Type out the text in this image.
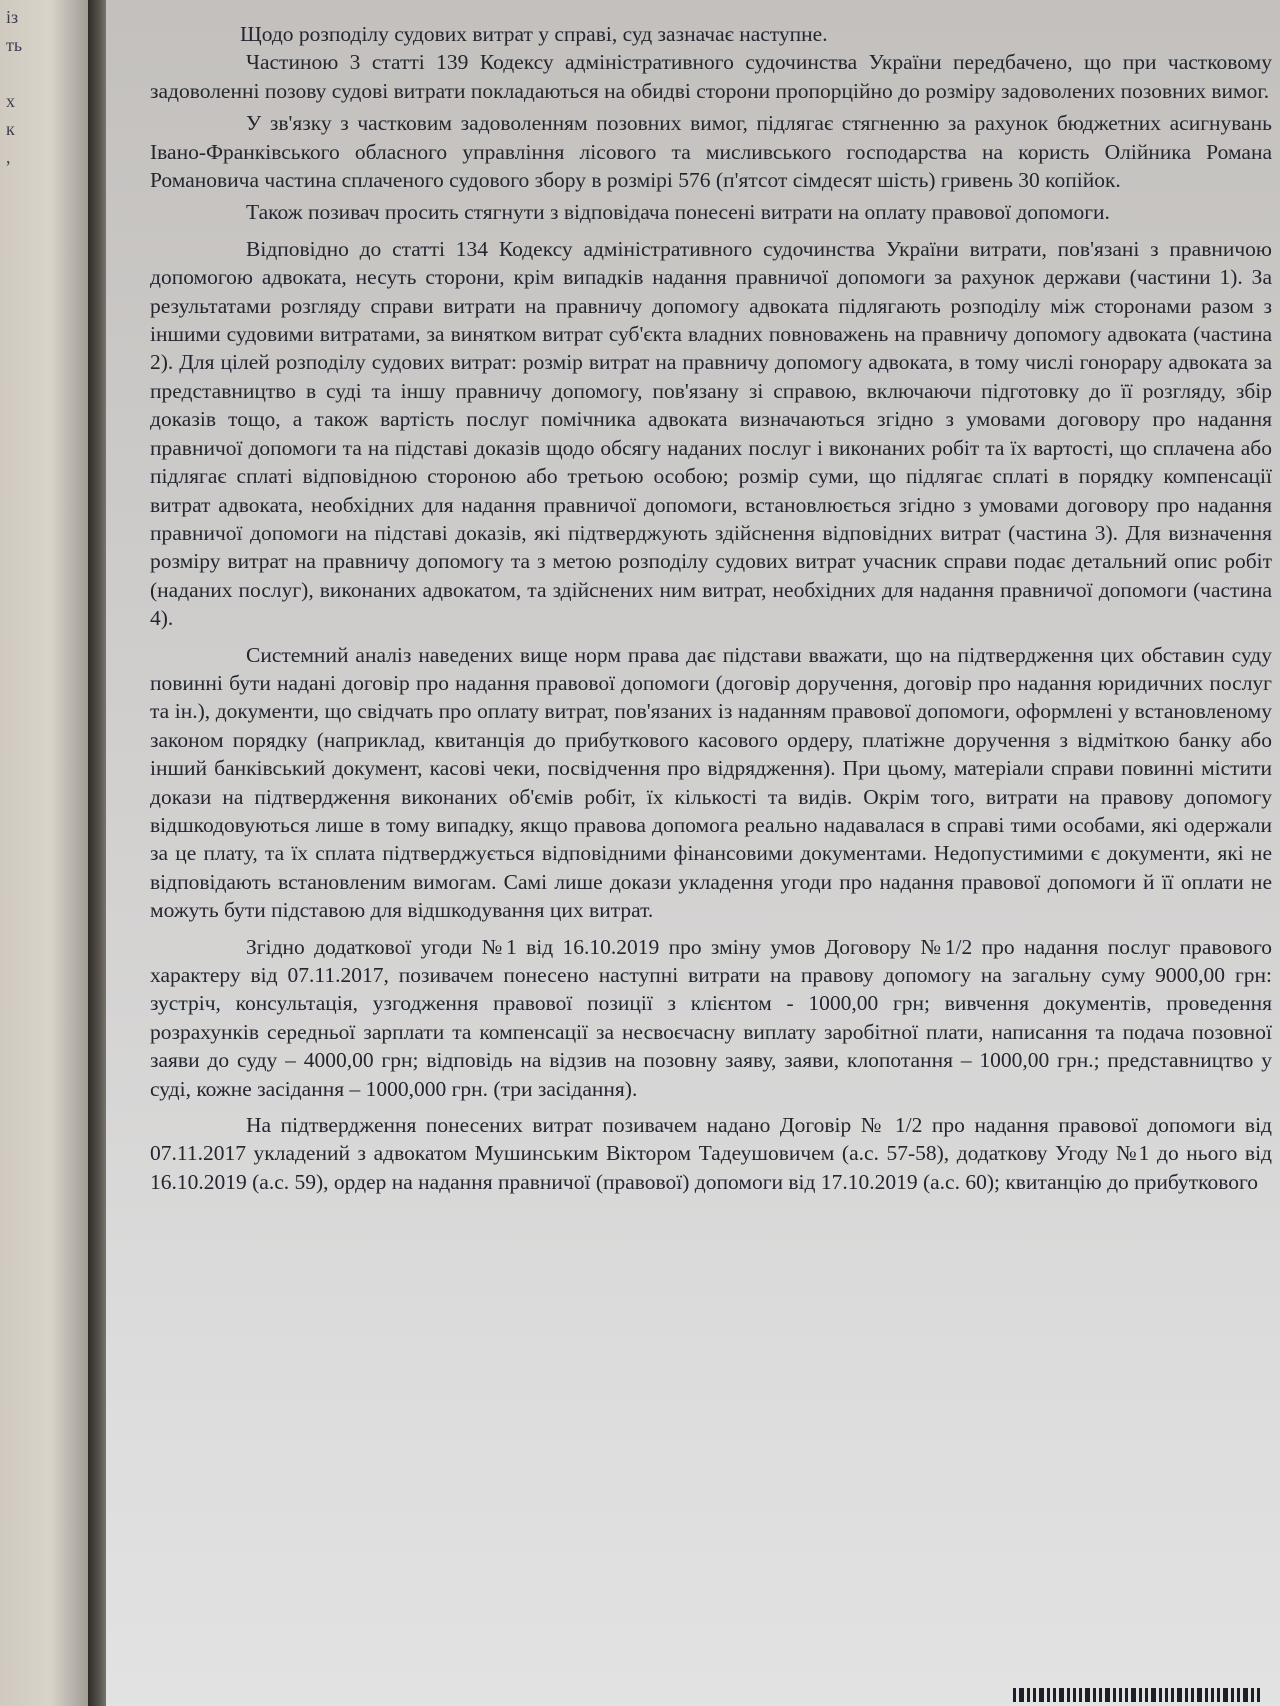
із
ть
х
к
,

Щодо розподілу судових витрат у справі, суд зазначає наступне.

Частиною 3 статті 139 Кодексу адміністративного судочинства України передбачено, що при частковому задоволенні позову судові витрати покладаються на обидві сторони пропорційно до розміру задоволених позовних вимог.

У зв'язку з частковим задоволенням позовних вимог, підлягає стягненню за рахунок бюджетних асигнувань Івано-Франківського обласного управління лісового та мисливського господарства на користь Олійника Романа Романовича частина сплаченого судового збору в розмірі 576 (п'ятсот сімдесят шість) гривень 30 копійок.

Також позивач просить стягнути з відповідача понесені витрати на оплату правової допомоги.

Відповідно до статті 134 Кодексу адміністративного судочинства України витрати, пов'язані з правничою допомогою адвоката, несуть сторони, крім випадків надання правничої допомоги за рахунок держави (частини 1). За результатами розгляду справи витрати на правничу допомогу адвоката підлягають розподілу між сторонами разом з іншими судовими витратами, за винятком витрат суб'єкта владних повноважень на правничу допомогу адвоката (частина 2). Для цілей розподілу судових витрат: розмір витрат на правничу допомогу адвоката, в тому числі гонорару адвоката за представництво в суді та іншу правничу допомогу, пов'язану зі справою, включаючи підготовку до її розгляду, збір доказів тощо, а також вартість послуг помічника адвоката визначаються згідно з умовами договору про надання правничої допомоги та на підставі доказів щодо обсягу наданих послуг і виконаних робіт та їх вартості, що сплачена або підлягає сплаті відповідною стороною або третьою особою; розмір суми, що підлягає сплаті в порядку компенсації витрат адвоката, необхідних для надання правничої допомоги, встановлюється згідно з умовами договору про надання правничої допомоги на підставі доказів, які підтверджують здійснення відповідних витрат (частина 3). Для визначення розміру витрат на правничу допомогу та з метою розподілу судових витрат учасник справи подає детальний опис робіт (наданих послуг), виконаних адвокатом, та здійснених ним витрат, необхідних для надання правничої допомоги (частина 4).

Системний аналіз наведених вище норм права дає підстави вважати, що на підтвердження цих обставин суду повинні бути надані договір про надання правової допомоги (договір доручення, договір про надання юридичних послуг та ін.), документи, що свідчать про оплату витрат, пов'язаних із наданням правової допомоги, оформлені у встановленому законом порядку (наприклад, квитанція до прибуткового касового ордеру, платіжне доручення з відміткою банку або інший банківський документ, касові чеки, посвідчення про відрядження). При цьому, матеріали справи повинні містити докази на підтвердження виконаних об'ємів робіт, їх кількості та видів. Окрім того, витрати на правову допомогу відшкодовуються лише в тому випадку, якщо правова допомога реально надавалася в справі тими особами, які одержали за це плату, та їх сплата підтверджується відповідними фінансовими документами. Недопустимими є документи, які не відповідають встановленим вимогам. Самі лише докази укладення угоди про надання правової допомоги й її оплати не можуть бути підставою для відшкодування цих витрат.

Згідно додаткової угоди №1 від 16.10.2019 про зміну умов Договору №1/2 про надання послуг правового характеру від 07.11.2017, позивачем понесено наступні витрати на правову допомогу на загальну суму 9000,00 грн: зустріч, консультація, узгодження правової позиції з клієнтом - 1000,00 грн; вивчення документів, проведення розрахунків середньої зарплати та компенсації за несвоєчасну виплату заробітної плати, написання та подача позовної заяви до суду – 4000,00 грн; відповідь на відзив на позовну заяву, заяви, клопотання – 1000,00 грн.; представництво у суді, кожне засідання – 1000,000 грн. (три засідання).

На підтвердження понесених витрат позивачем надано Договір № 1/2 про надання правової допомоги від 07.11.2017 укладений з адвокатом Мушинським Віктором Тадеушовичем (а.с. 57-58), додаткову Угоду №1 до нього від 16.10.2019 (а.с. 59), ордер на надання правничої (правової) допомоги від 17.10.2019 (а.с. 60); квитанцію до прибуткового
